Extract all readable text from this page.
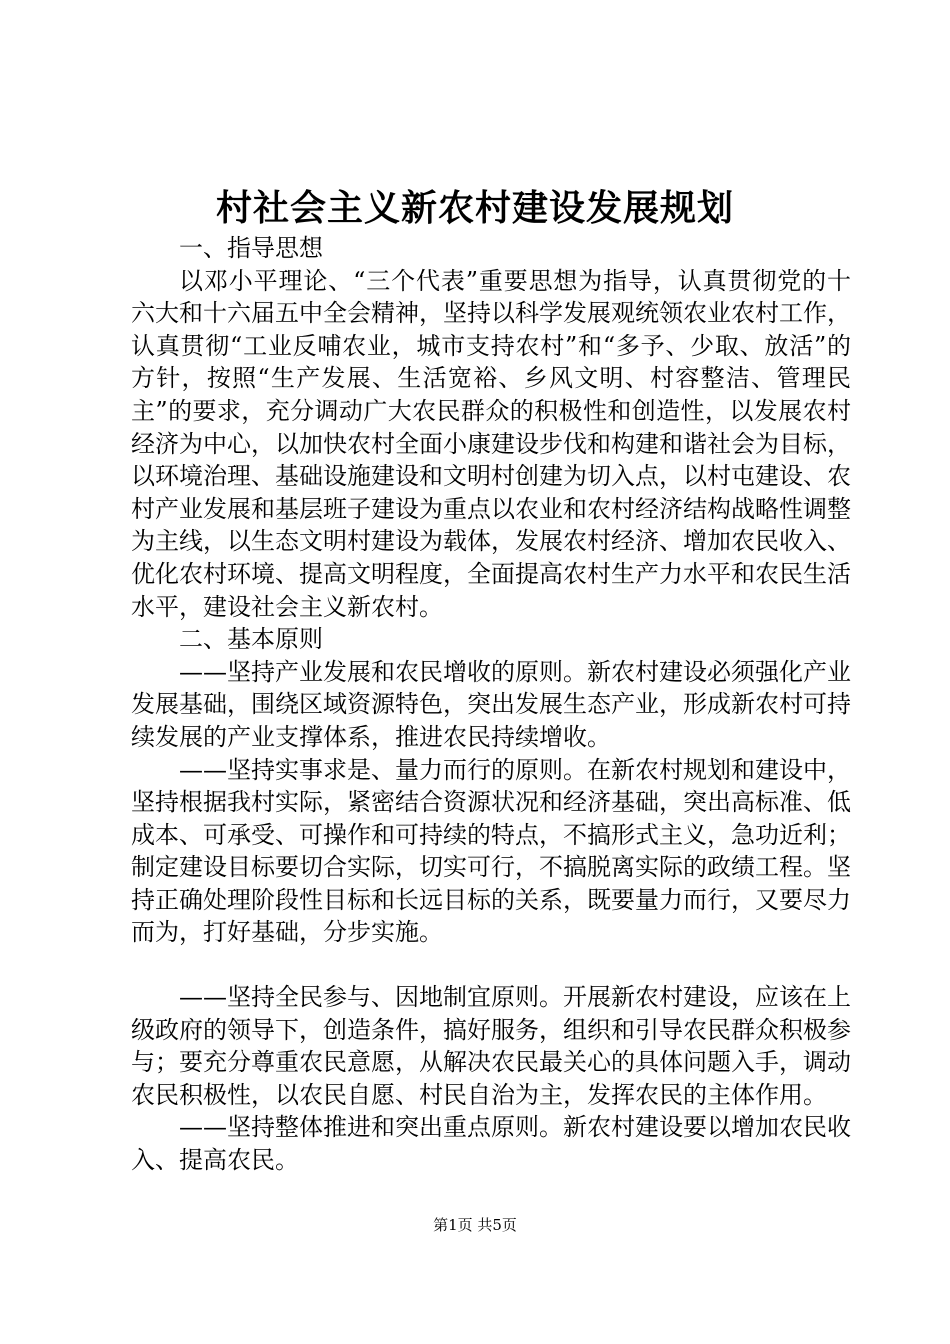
村社会主义新农村建设发展规划

一、指导思想

以邓小平理论、“三个代表”重要思想为指导，认真贯彻党的十六大和十六届五中全会精神，坚持以科学发展观统领农业农村工作，认真贯彻“工业反哺农业，城市支持农村”和“多予、少取、放活”的方针，按照“生产发展、生活宽裕、乡风文明、村容整洁、管理民主”的要求，充分调动广大农民群众的积极性和创造性，以发展农村经济为中心，以加快农村全面小康建设步伐和构建和谐社会为目标，以环境治理、基础设施建设和文明村创建为切入点，以村屯建设、农村产业发展和基层班子建设为重点以农业和农村经济结构战略性调整为主线，以生态文明村建设为载体，发展农村经济、增加农民收入、优化农村环境、提高文明程度，全面提高农村生产力水平和农民生活水平，建设社会主义新农村。

二、基本原则

——坚持产业发展和农民增收的原则。新农村建设必须强化产业发展基础，围绕区域资源特色，突出发展生态产业，形成新农村可持续发展的产业支撑体系，推进农民持续增收。

——坚持实事求是、量力而行的原则。在新农村规划和建设中，坚持根据我村实际，紧密结合资源状况和经济基础，突出高标准、低成本、可承受、可操作和可持续的特点，不搞形式主义，急功近利；制定建设目标要切合实际，切实可行，不搞脱离实际的政绩工程。坚持正确处理阶段性目标和长远目标的关系，既要量力而行，又要尽力而为，打好基础，分步实施。

——坚持全民参与、因地制宜原则。开展新农村建设，应该在上级政府的领导下，创造条件，搞好服务，组织和引导农民群众积极参与；要充分尊重农民意愿，从解决农民最关心的具体问题入手，调动农民积极性，以农民自愿、村民自治为主，发挥农民的主体作用。

——坚持整体推进和突出重点原则。新农村建设要以增加农民收入、提高农民。

第1页 共5页
